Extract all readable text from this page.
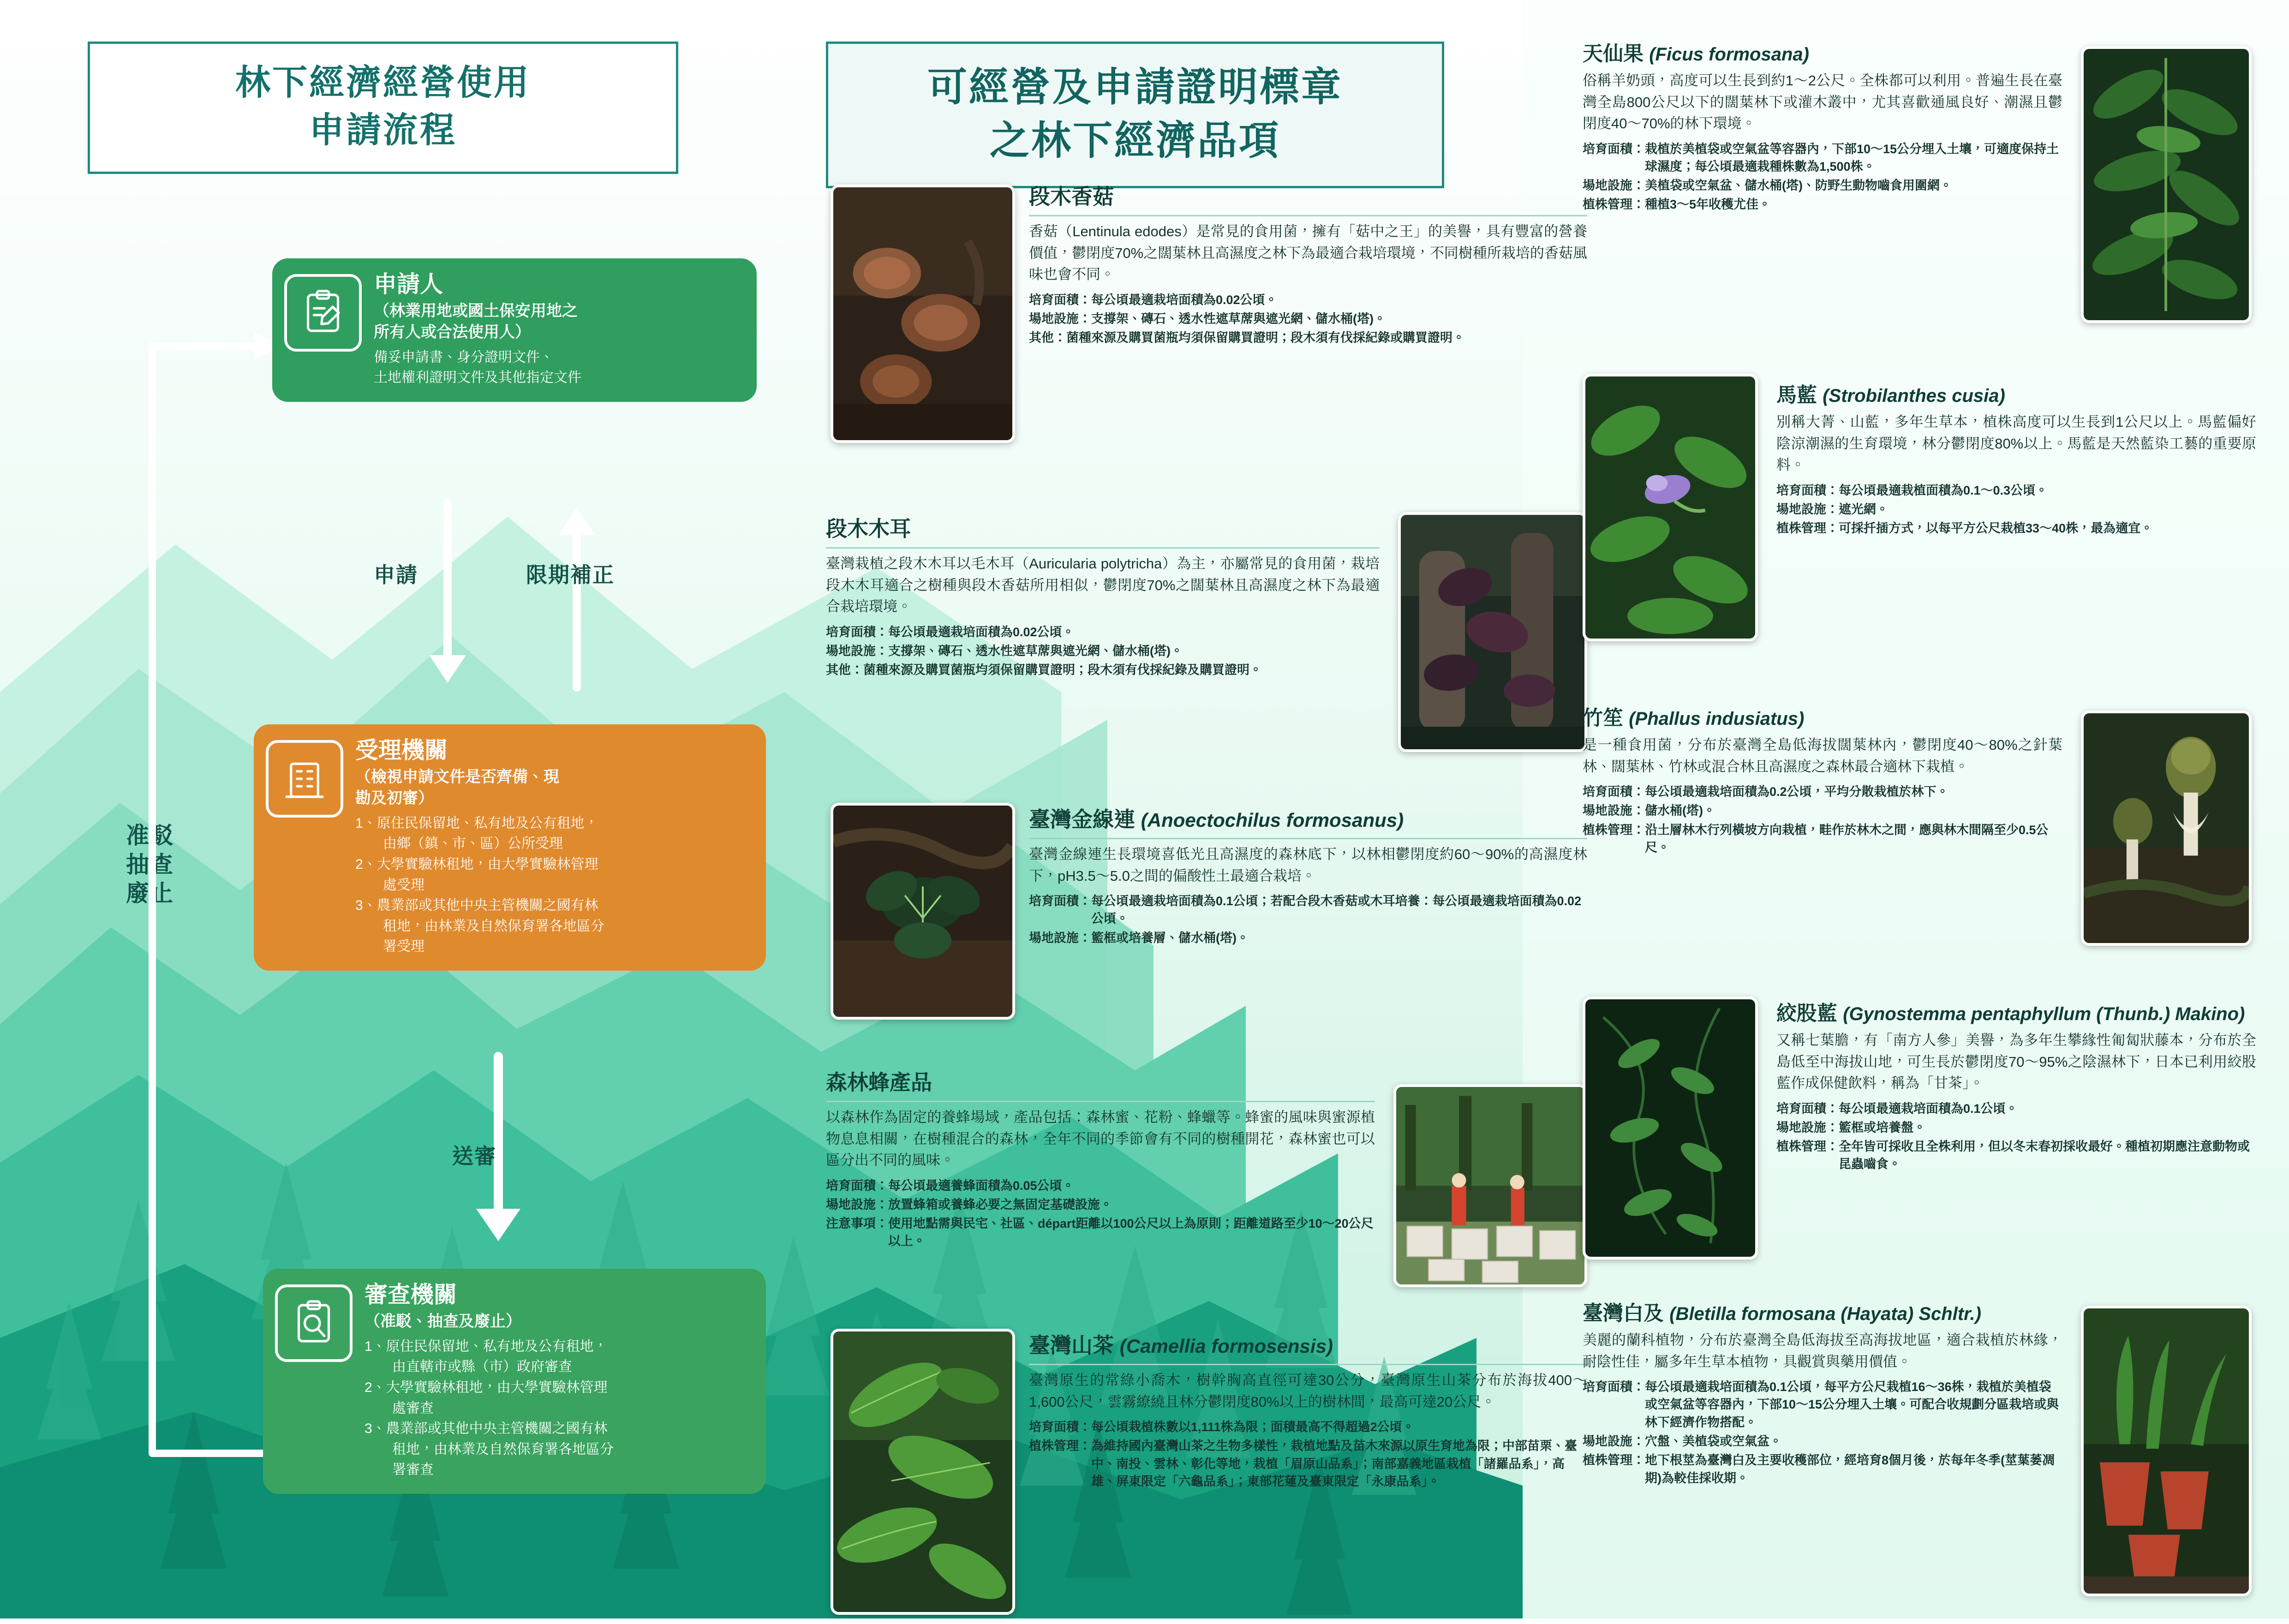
林下經濟經營使用
申請流程
准駁
抽查
廢止
申請人
（林業用地或國土保安用地之
所有人或合法使用人）
備妥申請書、身分證明文件、
土地權利證明文件及其他指定文件
申請	限期補正
受理機關
（檢視申請文件是否齊備、現
勘及初審）
1、原住民保留地、私有地及公有租地，
　　由鄉（鎮、市、區）公所受理
2、大學實驗林租地，由大學實驗林管理
　　處受理
3、農業部或其他中央主管機關之國有林
　　租地，由林業及自然保育署各地區分
　　署受理
送審
審查機關
（准駁、抽查及廢止）
1、原住民保留地、私有地及公有租地，
　　由直轄市或縣（市）政府審查
2、大學實驗林租地，由大學實驗林管理
　　處審查
3、農業部或其他中央主管機關之國有林
　　租地，由林業及自然保育署各地區分
　　署審查
可經營及申請證明標章
之林下經濟品項
段木香菇

香菇（Lentinula edodes）是常見的食用菌，擁有「菇中之王」的美譽，具有豐富的營養價值，鬱閉度70%之闊葉林且高濕度之林下為最適合栽培環境，不同樹種所栽培的香菇風味也會不同。

培育面積： 每公頃最適栽培面積為0.02公頃。
場地設施： 支撐架、磚石、透水性遮草蓆與遮光網、儲水桶(塔)。
其他： 菌種來源及購買菌瓶均須保留購買證明；段木須有伐採紀錄或購買證明。
段木木耳

臺灣栽植之段木木耳以毛木耳（Auricularia polytricha）為主，亦屬常見的食用菌，栽培段木木耳適合之樹種與段木香菇所用相似，鬱閉度70%之闊葉林且高濕度之林下為最適合栽培環境。

培育面積： 每公頃最適栽培面積為0.02公頃。
場地設施： 支撐架、磚石、透水性遮草蓆與遮光網、儲水桶(塔)。
其他： 菌種來源及購買菌瓶均須保留購買證明；段木須有伐採紀錄及購買證明。
臺灣金線連 (Anoectochilus formosanus)

臺灣金線連生長環境喜低光且高濕度的森林底下，以林相鬱閉度約60～90%的高濕度林下，pH3.5～5.0之間的偏酸性土最適合栽培。

培育面積： 每公頃最適栽培面積為0.1公頃；若配合段木香菇或木耳培養：每公頃最適栽培面積為0.02公頃。
場地設施： 籃框或培養層、儲水桶(塔)。
森林蜂產品

以森林作為固定的養蜂場域，產品包括：森林蜜、花粉、蜂蠟等。蜂蜜的風味與蜜源植物息息相關，在樹種混合的森林，全年不同的季節會有不同的樹種開花，森林蜜也可以區分出不同的風味。

培育面積： 每公頃最適養蜂面積為0.05公頃。
場地設施： 放置蜂箱或養蜂必要之無固定基礎設施。
注意事項： 使用地點需與民宅、社區、départ距離以100公尺以上為原則；距離道路至少10～20公尺以上。
臺灣山茶 (Camellia formosensis)

臺灣原生的常綠小喬木，樹幹胸高直徑可達30公分，臺灣原生山茶分布於海拔400～1,600公尺，雲霧繚繞且林分鬱閉度80%以上的樹林間，最高可達20公尺。

培育面積： 每公頃栽植株數以1,111株為限；面積最高不得超過2公頃。
植株管理： 為維持國內臺灣山茶之生物多樣性，栽植地點及苗木來源以原生育地為限；中部苗栗、臺中、南投、雲林、彰化等地，栽植「眉原山品系」；南部嘉義地區栽植「諸羅品系」，高雄、屏東限定「六龜品系」；東部花蓮及臺東限定「永康品系」。
天仙果 (Ficus formosana)

俗稱羊奶頭，高度可以生長到約1～2公尺。全株都可以利用。普遍生長在臺灣全島800公尺以下的闊葉林下或灌木叢中，尤其喜歡通風良好、潮濕且鬱閉度40～70%的林下環境。

培育面積： 栽植於美植袋或空氣盆等容器內，下部10～15公分埋入土壤，可適度保持土球濕度；每公頃最適栽種株數為1,500株。
場地設施： 美植袋或空氣盆、儲水桶(塔)、防野生動物嚙食用圍網。
植株管理： 種植3～5年收穫尤佳。
馬藍 (Strobilanthes cusia)

別稱大菁、山藍，多年生草本，植株高度可以生長到1公尺以上。馬藍偏好陰涼潮濕的生育環境，林分鬱閉度80%以上。馬藍是天然藍染工藝的重要原料。

培育面積： 每公頃最適栽植面積為0.1～0.3公頃。
場地設施： 遮光網。
植株管理： 可採扦插方式，以每平方公尺栽植33～40株，最為適宜。
竹笙 (Phallus indusiatus)

是一種食用菌，分布於臺灣全島低海拔闊葉林內，鬱閉度40～80%之針葉林、闊葉林、竹林或混合林且高濕度之森林最合適林下栽植。

培育面積： 每公頃最適栽培面積為0.2公頃，平均分散栽植於林下。
場地設施： 儲水桶(塔)。
植株管理： 沿土層林木行列橫坡方向栽植，畦作於林木之間，應與林木間隔至少0.5公尺。
絞股藍 (Gynostemma pentaphyllum (Thunb.) Makino)

又稱七葉膽，有「南方人參」美譽，為多年生攀緣性匍匐狀藤本，分布於全島低至中海拔山地，可生長於鬱閉度70～95%之陰濕林下，日本已利用絞股藍作成保健飲料，稱為「甘茶」。

培育面積： 每公頃最適栽培面積為0.1公頃。
場地設施： 籃框或培養盤。
植株管理： 全年皆可採收且全株利用，但以冬末春初採收最好。種植初期應注意動物或昆蟲嚙食。
臺灣白及 (Bletilla formosana (Hayata) Schltr.)

美麗的蘭科植物，分布於臺灣全島低海拔至高海拔地區，適合栽植於林緣，耐陰性佳，屬多年生草本植物，具觀賞與藥用價值。

培育面積： 每公頃最適栽培面積為0.1公頃，每平方公尺栽植16～36株，栽植於美植袋或空氣盆等容器內，下部10～15公分埋入土壤。可配合收規劃分區栽培或與林下經濟作物搭配。
場地設施： 穴盤、美植袋或空氣盆。
植株管理： 地下根莖為臺灣白及主要收穫部位，經培育8個月後，於每年冬季(莖葉萎凋期)為較佳採收期。
